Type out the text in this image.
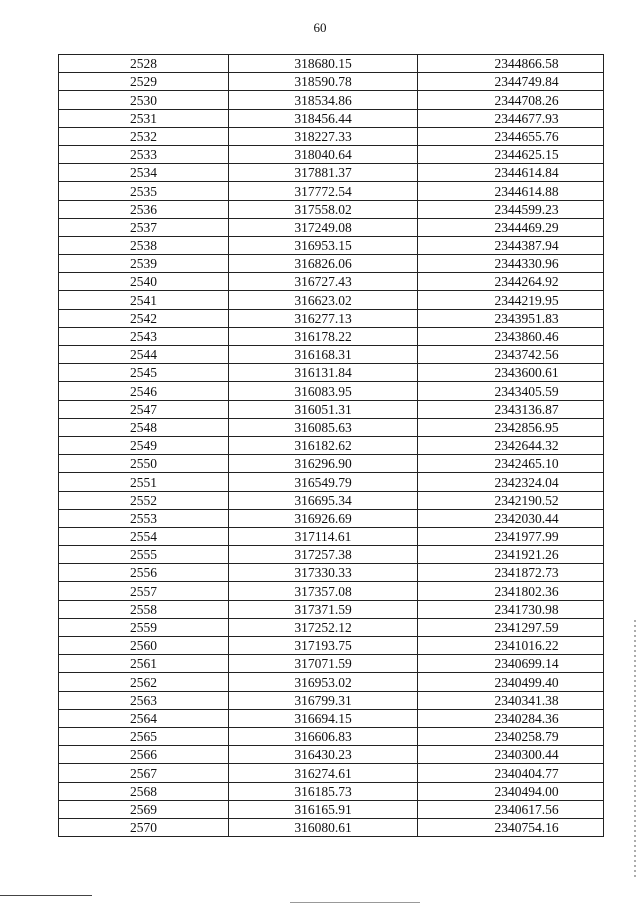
60
2528	318680.15	2344866.58
2529	318590.78	2344749.84
2530	318534.86	2344708.26
2531	318456.44	2344677.93
2532	318227.33	2344655.76
2533	318040.64	2344625.15
2534	317881.37	2344614.84
2535	317772.54	2344614.88
2536	317558.02	2344599.23
2537	317249.08	2344469.29
2538	316953.15	2344387.94
2539	316826.06	2344330.96
2540	316727.43	2344264.92
2541	316623.02	2344219.95
2542	316277.13	2343951.83
2543	316178.22	2343860.46
2544	316168.31	2343742.56
2545	316131.84	2343600.61
2546	316083.95	2343405.59
2547	316051.31	2343136.87
2548	316085.63	2342856.95
2549	316182.62	2342644.32
2550	316296.90	2342465.10
2551	316549.79	2342324.04
2552	316695.34	2342190.52
2553	316926.69	2342030.44
2554	317114.61	2341977.99
2555	317257.38	2341921.26
2556	317330.33	2341872.73
2557	317357.08	2341802.36
2558	317371.59	2341730.98
2559	317252.12	2341297.59
2560	317193.75	2341016.22
2561	317071.59	2340699.14
2562	316953.02	2340499.40
2563	316799.31	2340341.38
2564	316694.15	2340284.36
2565	316606.83	2340258.79
2566	316430.23	2340300.44
2567	316274.61	2340404.77
2568	316185.73	2340494.00
2569	316165.91	2340617.56
2570	316080.61	2340754.16
